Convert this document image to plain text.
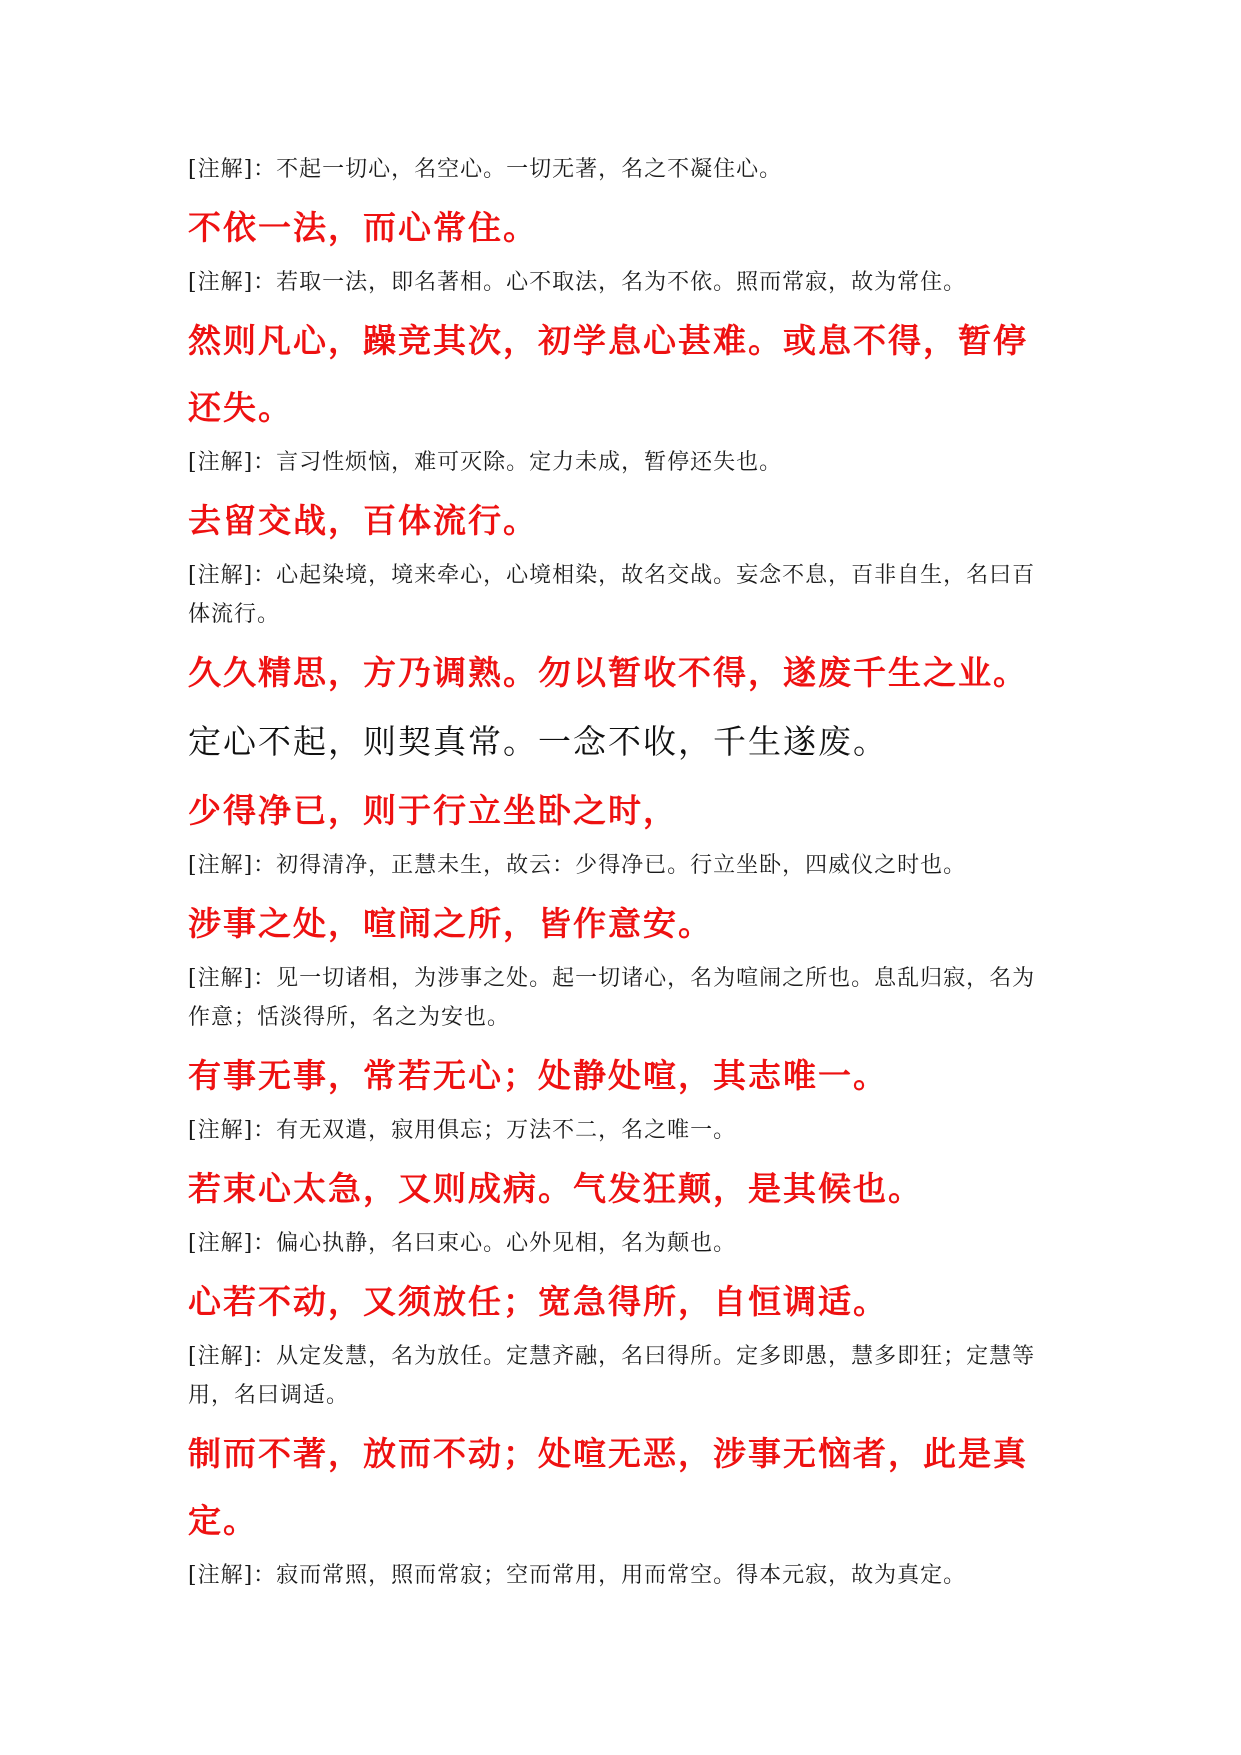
[注解]：不起一切心，名空心。一切无著，名之不凝住心。

不依一法，而心常住。

[注解]：若取一法，即名著相。心不取法，名为不依。照而常寂，故为常住。

然则凡心，躁竞其次，初学息心甚难。或息不得，暂停还失。

[注解]：言习性烦恼，难可灭除。定力未成，暂停还失也。

去留交战，百体流行。

[注解]：心起染境，境来牵心，心境相染，故名交战。妄念不息，百非自生，名曰百体流行。

久久精思，方乃调熟。勿以暂收不得，遂废千生之业。

定心不起，则契真常。一念不收，千生遂废。

少得净已，则于行立坐卧之时，

[注解]：初得清净，正慧未生，故云：少得净已。行立坐卧，四威仪之时也。

涉事之处，喧闹之所，皆作意安。

[注解]：见一切诸相，为涉事之处。起一切诸心，名为喧闹之所也。息乱归寂，名为作意；恬淡得所，名之为安也。

有事无事，常若无心；处静处喧，其志唯一。

[注解]：有无双遣，寂用俱忘；万法不二，名之唯一。

若束心太急，又则成病。气发狂颠，是其候也。

[注解]：偏心执静，名曰束心。心外见相，名为颠也。

心若不动，又须放任；宽急得所，自恒调适。

[注解]：从定发慧，名为放任。定慧齐融，名曰得所。定多即愚，慧多即狂；定慧等用，名曰调适。

制而不著，放而不动；处喧无恶，涉事无恼者，此是真定。

[注解]：寂而常照，照而常寂；空而常用，用而常空。得本元寂，故为真定。
